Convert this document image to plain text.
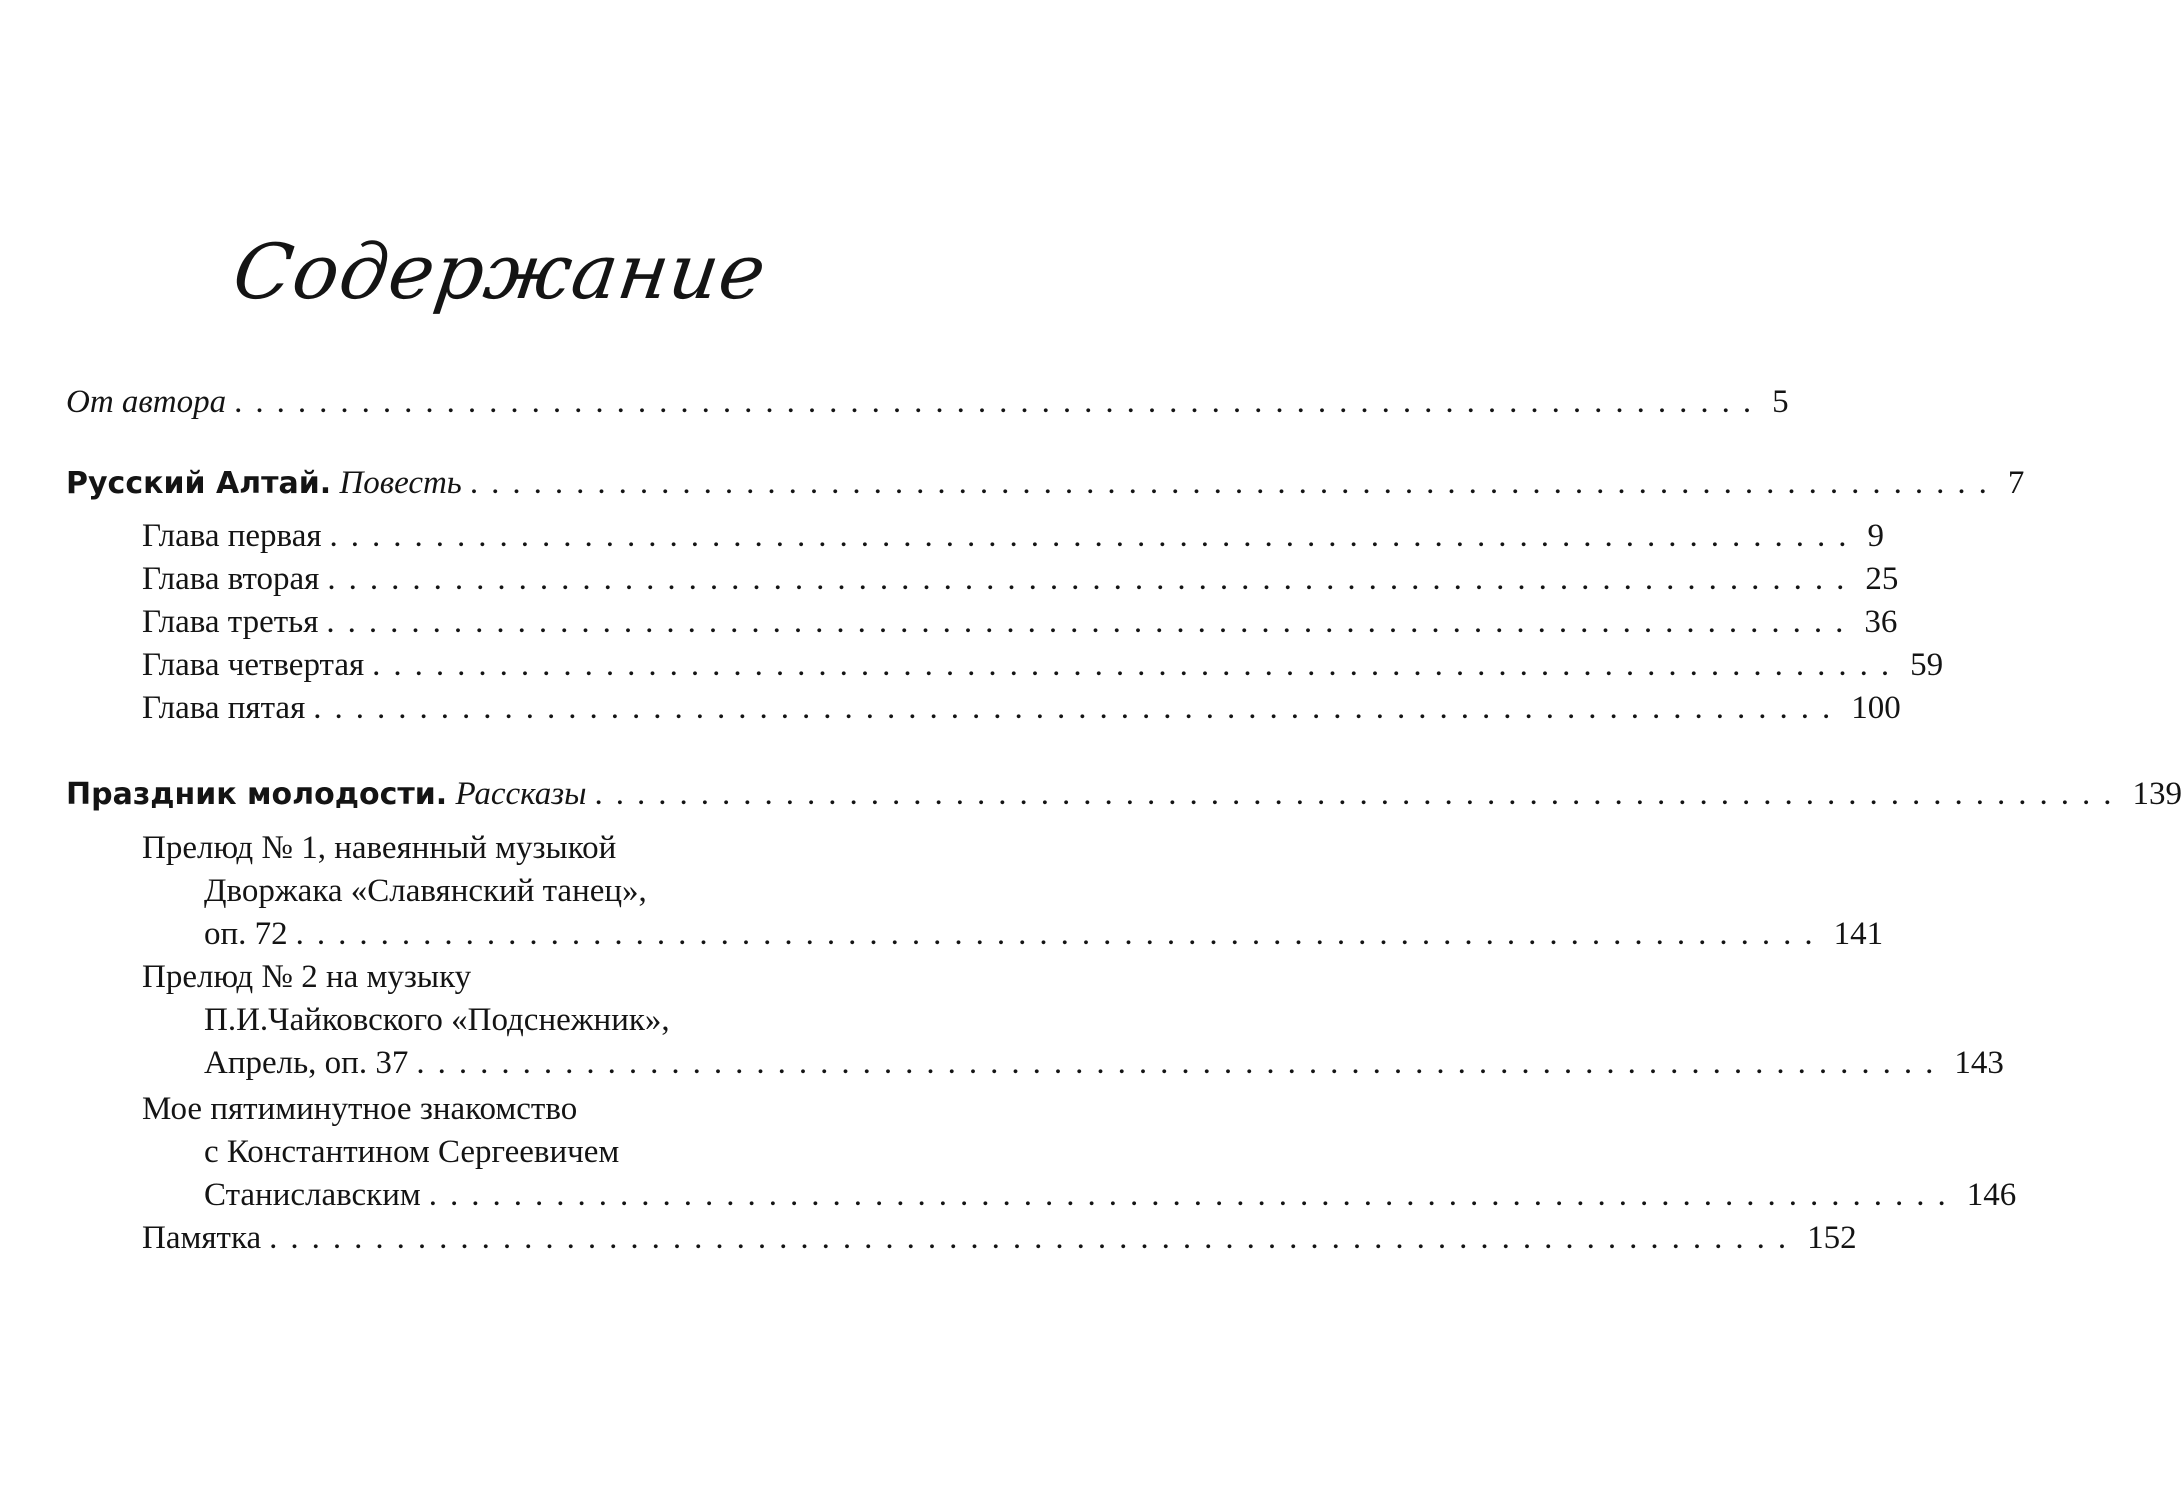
Содержание
От автора ........................................................................ 5
Русский Алтай. Повесть ........................................................................ 7
Глава первая ........................................................................ 9
Глава вторая ........................................................................ 25
Глава третья ........................................................................ 36
Глава четвертая ........................................................................ 59
Глава пятая ........................................................................ 100
Праздник молодости. Рассказы ........................................................................ 139
Прелюд № 1, навеянный музыкой
Дворжака «Славянский танец»,
оп. 72 ........................................................................ 141
Прелюд № 2 на музыку
П.И.Чайковского «Подснежник»,
Апрель, оп. 37 ........................................................................ 143
Мое пятиминутное знакомство
с Константином Сергеевичем
Станиславским ........................................................................ 146
Памятка ........................................................................ 152
